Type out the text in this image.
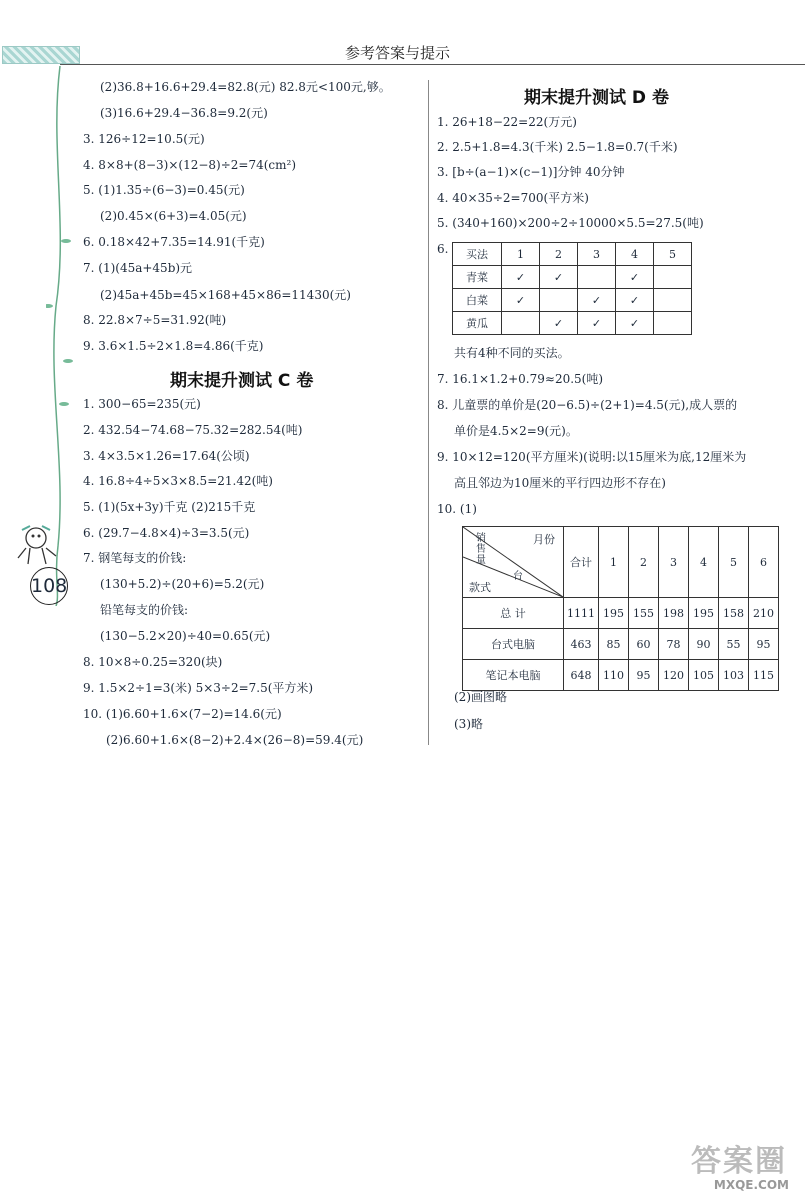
参考答案与提示
108
(2)36.8+16.6+29.4=82.8(元) 82.8元<100元,够。
(3)16.6+29.4−36.8=9.2(元)
3. 126÷12=10.5(元)
4. 8×8+(8−3)×(12−8)÷2=74(cm²)
5. (1)1.35÷(6−3)=0.45(元)
(2)0.45×(6+3)=4.05(元)
6. 0.18×42+7.35=14.91(千克)
7. (1)(45a+45b)元
(2)45a+45b=45×168+45×86=11430(元)
8. 22.8×7÷5=31.92(吨)
9. 3.6×1.5÷2×1.8=4.86(千克)
期末提升测试 C 卷
1. 300−65=235(元)
2. 432.54−74.68−75.32=282.54(吨)
3. 4×3.5×1.26=17.64(公顷)
4. 16.8÷4÷5×3×8.5=21.42(吨)
5. (1)(5x+3y)千克 (2)215千克
6. (29.7−4.8×4)÷3=3.5(元)
7. 钢笔每支的价钱:
(130+5.2)÷(20+6)=5.2(元)
铅笔每支的价钱:
(130−5.2×20)÷40=0.65(元)
8. 10×8÷0.25=320(块)
9. 1.5×2÷1=3(米) 5×3÷2=7.5(平方米)
10. (1)6.60+1.6×(7−2)=14.6(元)
(2)6.60+1.6×(8−2)+2.4×(26−8)=59.4(元)
期末提升测试 D 卷
1. 26+18−22=22(万元)
2. 2.5+1.8=4.3(千米) 2.5−1.8=0.7(千米)
3. [b÷(a−1)×(c−1)]分钟 40分钟
4. 40×35÷2=700(平方米)
5. (340+160)×200÷2÷10000×5.5=27.5(吨)
6. 买法	1	2	3	4	5
青菜	✓	✓		✓	
白菜	✓		✓	✓	
黄瓜		✓	✓	✓	
共有4种不同的买法。
7. 16.1×1.2+0.79≈20.5(吨)
8. 儿童票的单价是(20−6.5)÷(2+1)=4.5(元),成人票的
单价是4.5×2=9(元)。
9. 10×12=120(平方厘米)(说明:以15厘米为底,12厘米为
高且邻边为10厘米的平行四边形不存在)
10. (1)
月份
销售量
台
款式	合计	1	2	3	4	5	6
总 计	1111	195	155	198	195	158	210
台式电脑	463	85	60	78	90	55	95
笔记本电脑	648	110	95	120	105	103	115
(2)画图略
(3)略
答案圈
MXQE.COM
